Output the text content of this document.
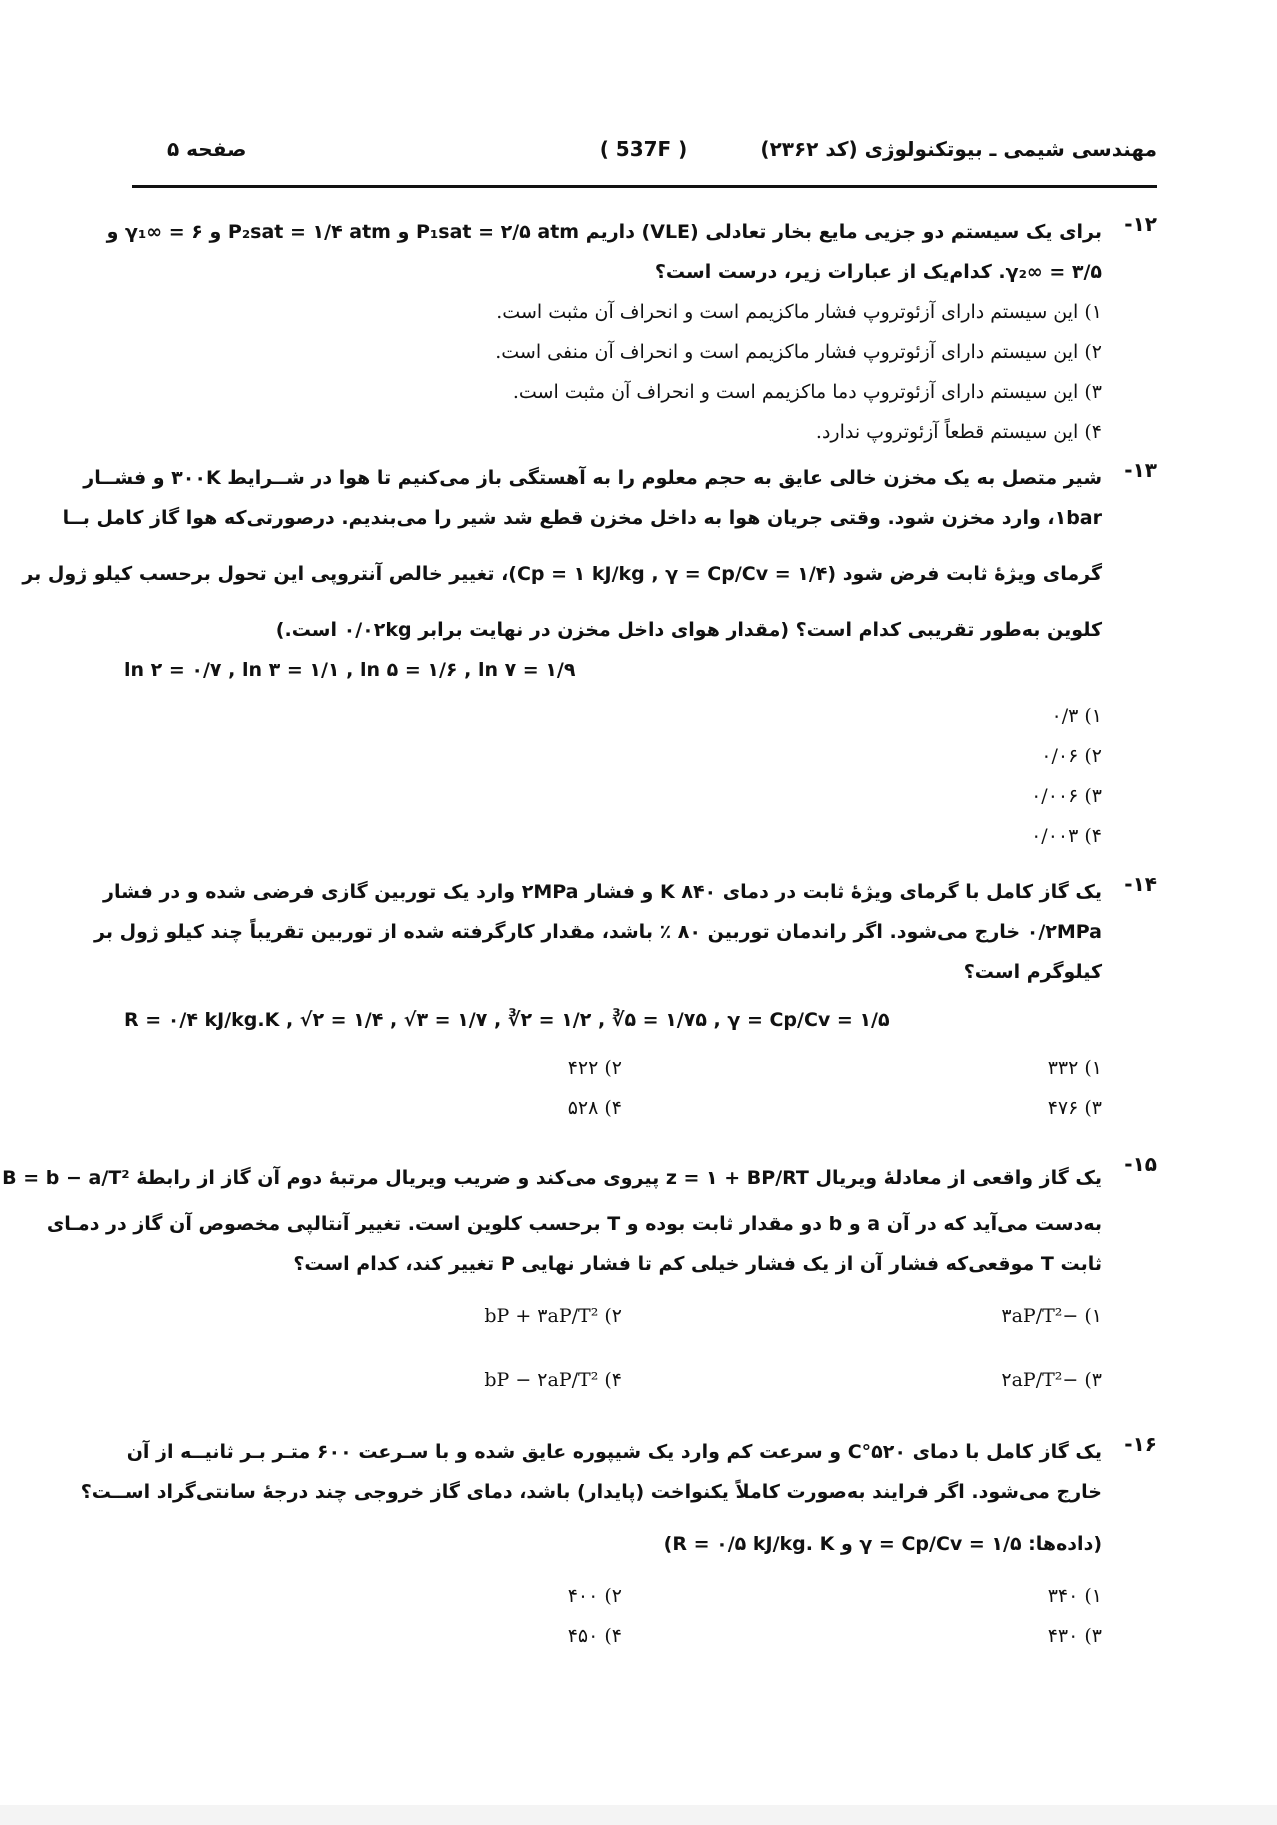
مهندسی شیمی ـ بیوتکنولوژی (کد ۲۳۶۲)
( 537F )
صفحه ۵
۱۲-
برای یک سیستم دو جزیی مایع بخار تعادلی (VLE) داریم P₁sat = ۲/۵ atm و P₂sat = ۱/۴ atm و γ₁∞ = ۶ و
γ₂∞ = ۳/۵. کدام‌یک از عبارات زیر، درست است؟
۱) این سیستم دارای آزئوتروپ فشار ماکزیمم است و انحراف آن مثبت است.
۲) این سیستم دارای آزئوتروپ فشار ماکزیمم است و انحراف آن منفی است.
۳) این سیستم دارای آزئوتروپ دما ماکزیمم است و انحراف آن مثبت است.
۴) این سیستم قطعاً آزئوتروپ ندارد.
۱۳-
شیر متصل به یک مخزن خالی عایق به حجم معلوم را به آهستگی باز می‌کنیم تا هوا در شــرایط ۳۰۰K و فشــار
۱bar، وارد مخزن شود. وقتی جریان هوا به داخل مخزن قطع شد شیر را می‌بندیم. درصورتی‌که هوا گاز کامل بــا
گرمای ویژهٔ ثابت فرض شود (Cp = ۱ kJ/kg , γ = Cp/Cv = ۱/۴)، تغییر خالص آنتروپی این تحول برحسب کیلو ژول بر
کلوین به‌طور تقریبی کدام است؟ (مقدار هوای داخل مخزن در نهایت برابر ۰/۰۲kg است.)
ln ۲ = ۰/۷ , ln ۳ = ۱/۱ , ln ۵ = ۱/۶ , ln ۷ = ۱/۹
۱) ۰/۳
۲) ۰/۰۶
۳) ۰/۰۰۶
۴) ۰/۰۰۳
۱۴-
یک گاز کامل با گرمای ویژهٔ ثابت در دمای ۸۴۰ K و فشار ۲MPa وارد یک توربین گازی فرضی شده و در فشار
۰/۲MPa خارج می‌شود. اگر راندمان توربین ۸۰ ٪ باشد، مقدار کارگرفته شده از توربین تقریباً چند کیلو ژول بر
کیلوگرم است؟
R = ۰/۴ kJ/kg.K , √۲ = ۱/۴ , √۳ = ۱/۷ , ∛۲ = ۱/۲ , ∛۵ = ۱/۷۵ , γ = Cp/Cv = ۱/۵
۱) ۳۳۲
۲) ۴۲۲
۳) ۴۷۶
۴) ۵۲۸
۱۵-
یک گاز واقعی از معادلهٔ ویریال z = ۱ + BP/RT پیروی می‌کند و ضریب ویریال مرتبهٔ دوم آن گاز از رابطهٔ B = b − a/T²
به‌دست می‌آید که در آن a و b دو مقدار ثابت بوده و T برحسب کلوین است. تغییر آنتالپی مخصوص آن گاز در دمـای
ثابت T موقعی‌که فشار آن از یک فشار خیلی کم تا فشار نهایی P تغییر کند، کدام است؟
۱) −۳aP/T²
۲) bP + ۳aP/T²
۳) −۲aP/T²
۴) bP − ۲aP/T²
۱۶-
یک گاز کامل با دمای ۵۲۰°C و سرعت کم وارد یک شیپوره عایق شده و با سـرعت ۶۰۰ متـر بـر ثانیــه از آن
خارج می‌شود. اگر فرایند به‌صورت کاملاً یکنواخت (پایدار) باشد، دمای گاز خروجی چند درجهٔ سانتی‌گراد اســت؟
(داده‌ها: γ = Cp/Cv = ۱/۵ و R = ۰/۵ kJ/kg. K)
۱) ۳۴۰
۲) ۴۰۰
۳) ۴۳۰
۴) ۴۵۰
